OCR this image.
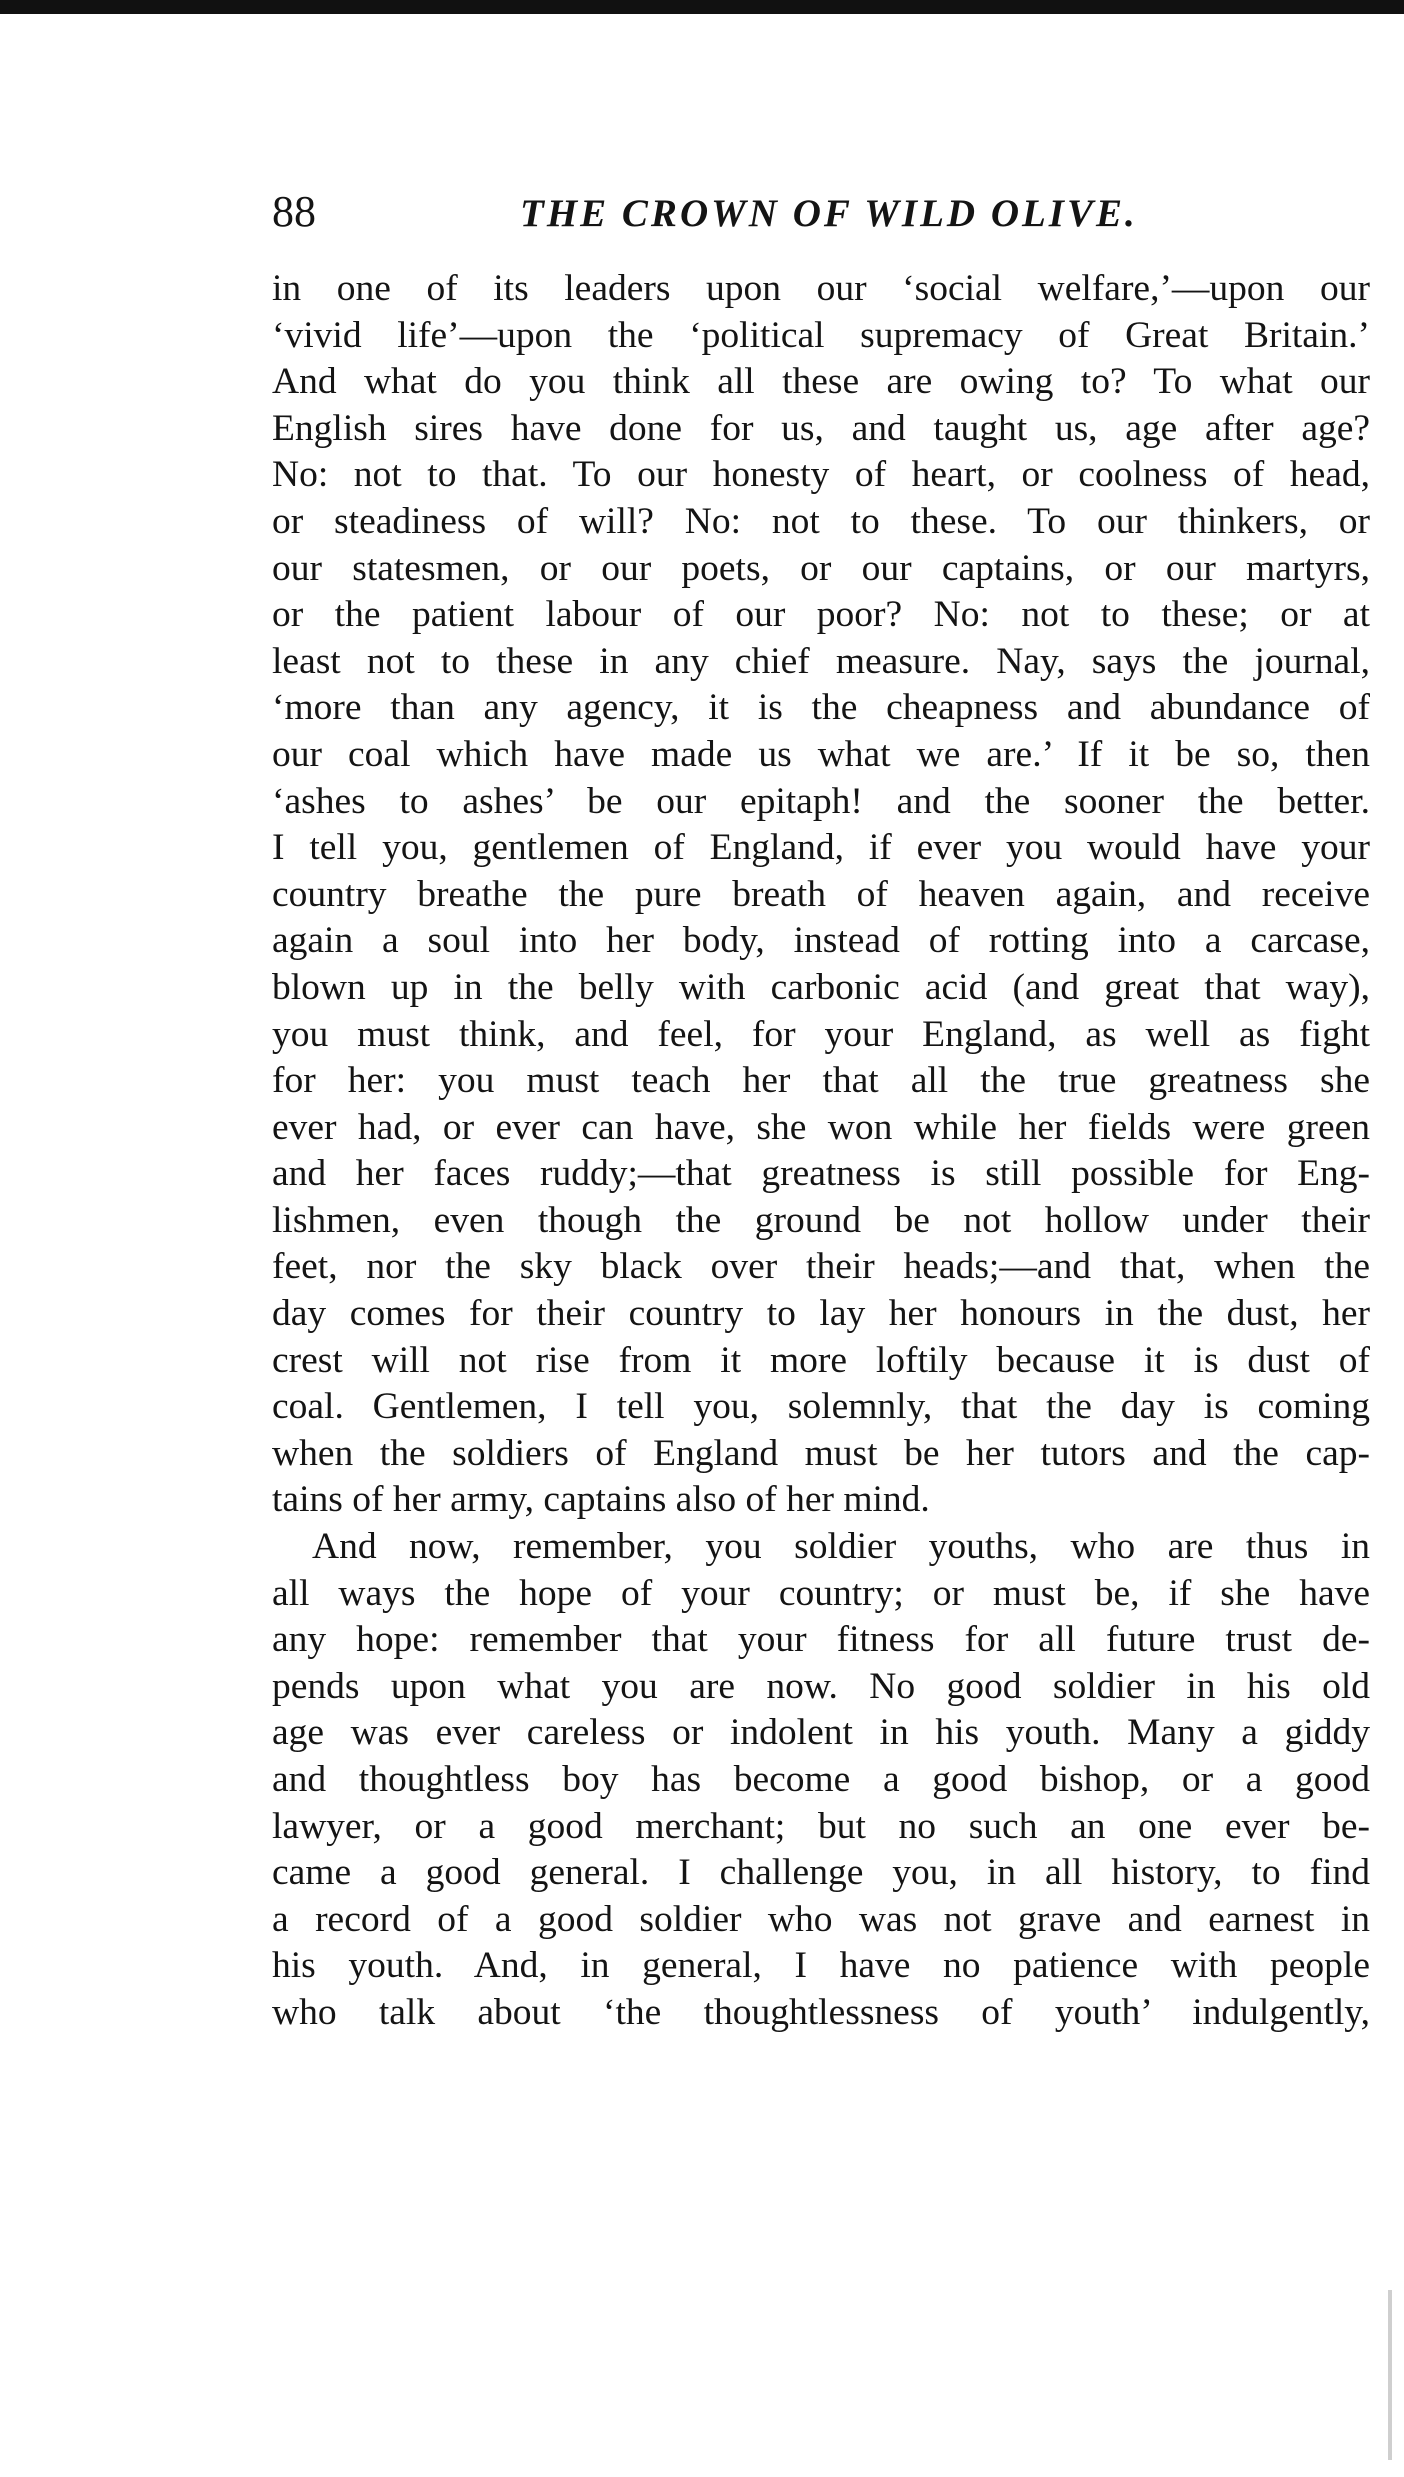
88	THE CROWN OF WILD OLIVE.
in one of its leaders upon our ‘social welfare,’—upon our
‘vivid life’—upon the ‘political supremacy of Great Britain.’
And what do you think all these are owing to? To what our
English sires have done for us, and taught us, age after age?
No: not to that. To our honesty of heart, or coolness of head,
or steadiness of will? No: not to these. To our thinkers, or
our statesmen, or our poets, or our captains, or our martyrs,
or the patient labour of our poor? No: not to these; or at
least not to these in any chief measure. Nay, says the journal,
‘more than any agency, it is the cheapness and abundance of
our coal which have made us what we are.’ If it be so, then
‘ashes to ashes’ be our epitaph! and the sooner the better.
I tell you, gentlemen of England, if ever you would have your
country breathe the pure breath of heaven again, and receive
again a soul into her body, instead of rotting into a carcase,
blown up in the belly with carbonic acid (and great that way),
you must think, and feel, for your England, as well as fight
for her: you must teach her that all the true greatness she
ever had, or ever can have, she won while her fields were green
and her faces ruddy;—that greatness is still possible for Eng-
lishmen, even though the ground be not hollow under their
feet, nor the sky black over their heads;—and that, when the
day comes for their country to lay her honours in the dust, her
crest will not rise from it more loftily because it is dust of
coal. Gentlemen, I tell you, solemnly, that the day is coming
when the soldiers of England must be her tutors and the cap-
tains of her army, captains also of her mind.
And now, remember, you soldier youths, who are thus in
all ways the hope of your country; or must be, if she have
any hope: remember that your fitness for all future trust de-
pends upon what you are now. No good soldier in his old
age was ever careless or indolent in his youth. Many a giddy
and thoughtless boy has become a good bishop, or a good
lawyer, or a good merchant; but no such an one ever be-
came a good general. I challenge you, in all history, to find
a record of a good soldier who was not grave and earnest in
his youth. And, in general, I have no patience with people
who talk about ‘the thoughtlessness of youth’ indulgently,
